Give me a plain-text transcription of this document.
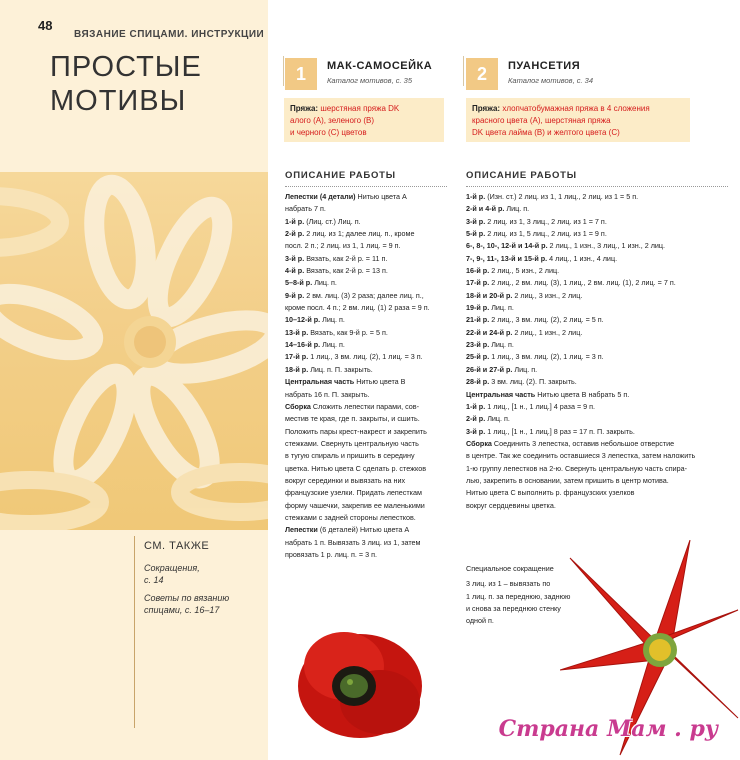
48
ВЯЗАНИЕ СПИЦАМИ. ИНСТРУКЦИИ
ПРОСТЫЕ
МОТИВЫ
СМ. ТАКЖЕ
Сокращения,
с. 14
Советы по вязанию
спицами, с. 16–17
1	МАК-САМОСЕЙКА
Каталог мотивов, с. 35
Пряжа: шерстяная пряжа DK
алого (A), зеленого (B)
и черного (C) цветов
ОПИСАНИЕ РАБОТЫ
Лепестки (4 детали) Нитью цвета A
набрать 7 п.
1-й р. (Лиц. ст.) Лиц. п.
2-й р. 2 лиц. из 1; далее лиц. п., кроме
посл. 2 п.; 2 лиц. из 1, 1 лиц. = 9 п.
3-й р. Вязать, как 2-й р. = 11 п.
4-й р. Вязать, как 2-й р. = 13 п.
5–8-й р. Лиц. п.
9-й р. 2 вм. лиц. (3) 2 раза; далее лиц. п.,
кроме посл. 4 п.; 2 вм. лиц. (1) 2 раза = 9 п.
10–12-й р. Лиц. п.
13-й р. Вязать, как 9-й р. = 5 п.
14–16-й р. Лиц. п.
17-й р. 1 лиц., 3 вм. лиц. (2), 1 лиц. = 3 п.
18-й р. Лиц. п. П. закрыть.
Центральная часть Нитью цвета B
набрать 16 п. П. закрыть.
Сборка Сложить лепестки парами, сов-
местив те края, где п. закрыты, и сшить.
Положить пары крест-накрест и закрепить
стежками. Свернуть центральную часть
в тугую спираль и пришить в середину
цветка. Нитью цвета C сделать р. стежков
вокруг серединки и вывязать на них
французские узелки. Придать лепесткам
форму чашечки, закрепив ее маленькими
стежками с задней стороны лепестков.
Лепестки (6 деталей) Нитью цвета A
набрать 1 п. Вывязать 3 лиц. из 1, затем
провязать 1 р. лиц. п. = 3 п.
2	ПУАНСЕТИЯ
Каталог мотивов, с. 34
Пряжа: хлопчатобумажная пряжа в 4 сложения
красного цвета (A), шерстяная пряжа
DK цвета лайма (B) и желтого цвета (C)
ОПИСАНИЕ РАБОТЫ
1-й р. (Изн. ст.) 2 лиц. из 1, 1 лиц., 2 лиц. из 1 = 5 п.
2-й и 4-й р. Лиц. п.
3-й р. 2 лиц. из 1, 3 лиц., 2 лиц. из 1 = 7 п.
5-й р. 2 лиц. из 1, 5 лиц., 2 лиц. из 1 = 9 п.
6-, 8-, 10-, 12-й и 14-й р. 2 лиц., 1 изн., 3 лиц., 1 изн., 2 лиц.
7-, 9-, 11-, 13-й и 15-й р. 4 лиц., 1 изн., 4 лиц.
16-й р. 2 лиц., 5 изн., 2 лиц.
17-й р. 2 лиц., 2 вм. лиц. (3), 1 лиц., 2 вм. лиц. (1), 2 лиц. = 7 п.
18-й и 20-й р. 2 лиц., 3 изн., 2 лиц.
19-й р. Лиц. п.
21-й р. 2 лиц., 3 вм. лиц. (2), 2 лиц. = 5 п.
22-й и 24-й р. 2 лиц., 1 изн., 2 лиц.
23-й р. Лиц. п.
25-й р. 1 лиц., 3 вм. лиц. (2), 1 лиц. = 3 п.
26-й и 27-й р. Лиц. п.
28-й р. 3 вм. лиц. (2). П. закрыть.
Центральная часть Нитью цвета B набрать 5 п.
1-й р. 1 лиц., [1 н., 1 лиц.] 4 раза = 9 п.
2-й р. Лиц. п.
3-й р. 1 лиц., [1 н., 1 лиц.] 8 раз = 17 п. П. закрыть.
Сборка Соединить 3 лепестка, оставив небольшое отверстие
в центре. Так же соединить оставшиеся 3 лепестка, затем наложить
1-ю группу лепестков на 2-ю. Свернуть центральную часть спира-
лью, закрепить в основании, затем пришить в центр мотива.
Нитью цвета C выполнить р. французских узелков
вокруг сердцевины цветка.
Специальное сокращение
3 лиц. из 1 – вывязать по
1 лиц. п. за переднюю, заднюю
и снова за переднюю стенку
одной п.
Страна Мам . ру
